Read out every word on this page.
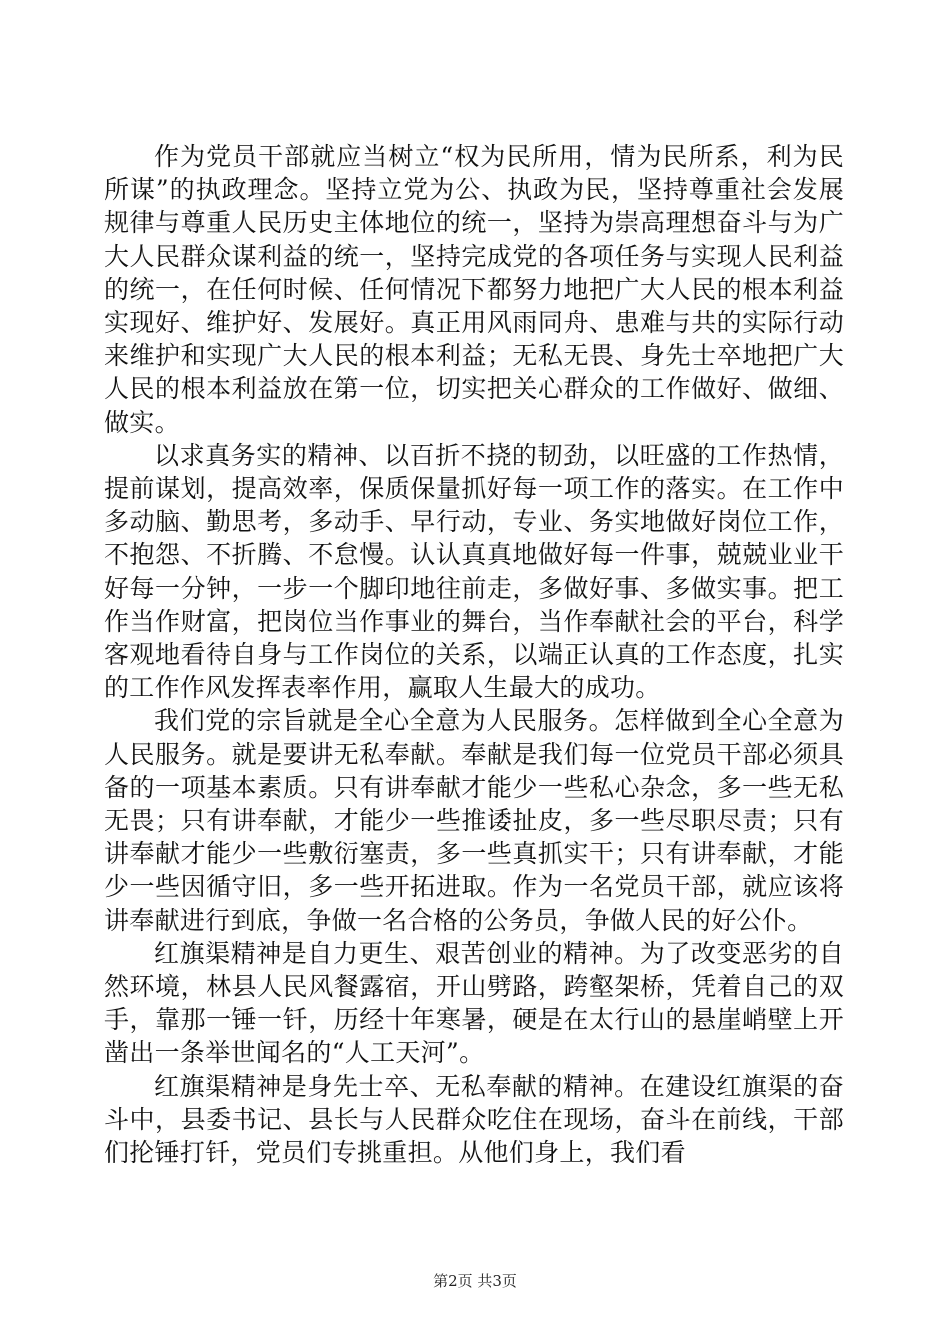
作为党员干部就应当树立“权为民所用，情为民所系，利为民所谋”的执政理念。坚持立党为公、执政为民，坚持尊重社会发展规律与尊重人民历史主体地位的统一，坚持为崇高理想奋斗与为广大人民群众谋利益的统一，坚持完成党的各项任务与实现人民利益的统一，在任何时候、任何情况下都努力地把广大人民的根本利益实现好、维护好、发展好。真正用风雨同舟、患难与共的实际行动来维护和实现广大人民的根本利益；无私无畏、身先士卒地把广大人民的根本利益放在第一位，切实把关心群众的工作做好、做细、做实。

以求真务实的精神、以百折不挠的韧劲，以旺盛的工作热情，提前谋划，提高效率，保质保量抓好每一项工作的落实。在工作中多动脑、勤思考，多动手、早行动，专业、务实地做好岗位工作，不抱怨、不折腾、不怠慢。认认真真地做好每一件事，兢兢业业干好每一分钟，一步一个脚印地往前走，多做好事、多做实事。把工作当作财富，把岗位当作事业的舞台，当作奉献社会的平台，科学客观地看待自身与工作岗位的关系，以端正认真的工作态度，扎实的工作作风发挥表率作用，赢取人生最大的成功。

我们党的宗旨就是全心全意为人民服务。怎样做到全心全意为人民服务。就是要讲无私奉献。奉献是我们每一位党员干部必须具备的一项基本素质。只有讲奉献才能少一些私心杂念，多一些无私无畏；只有讲奉献，才能少一些推诿扯皮，多一些尽职尽责；只有讲奉献才能少一些敷衍塞责，多一些真抓实干；只有讲奉献，才能少一些因循守旧，多一些开拓进取。作为一名党员干部，就应该将讲奉献进行到底，争做一名合格的公务员，争做人民的好公仆。

红旗渠精神是自力更生、艰苦创业的精神。为了改变恶劣的自然环境，林县人民风餐露宿，开山劈路，跨壑架桥，凭着自己的双手，靠那一锤一钎，历经十年寒暑，硬是在太行山的悬崖峭壁上开凿出一条举世闻名的“人工天河”。

红旗渠精神是身先士卒、无私奉献的精神。在建设红旗渠的奋斗中，县委书记、县长与人民群众吃住在现场，奋斗在前线，干部们抡锤打钎，党员们专挑重担。从他们身上，我们看

第2页 共3页
